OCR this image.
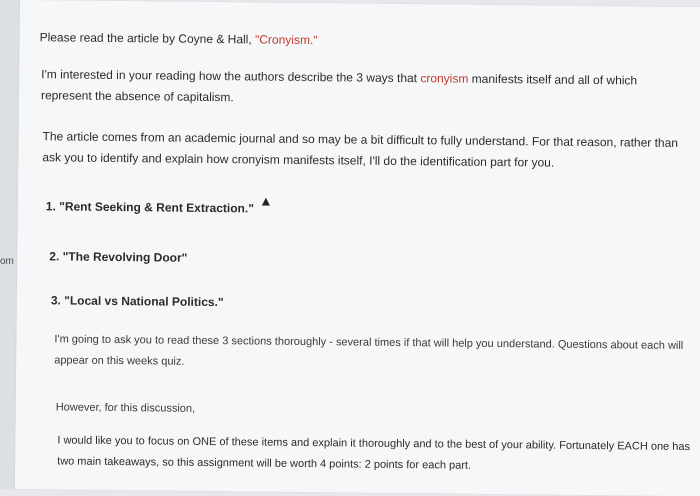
om

Please read the article by Coyne & Hall, "Cronyism."

I'm interested in your reading how the authors describe the 3 ways that cronyism manifests itself and all of which represent the absence of capitalism.

The article comes from an academic journal and so may be a bit difficult to fully understand. For that reason, rather than ask you to identify and explain how cronyism manifests itself, I'll do the identification part for you.

1. "Rent Seeking & Rent Extraction."
2. "The Revolving Door"
3. "Local vs National Politics."

I'm going to ask you to read these 3 sections thoroughly - several times if that will help you understand. Questions about each will appear on this weeks quiz.

However, for this discussion,

I would like you to focus on ONE of these items and explain it thoroughly and to the best of your ability. Fortunately EACH one has two main takeaways, so this assignment will be worth 4 points: 2 points for each part.
